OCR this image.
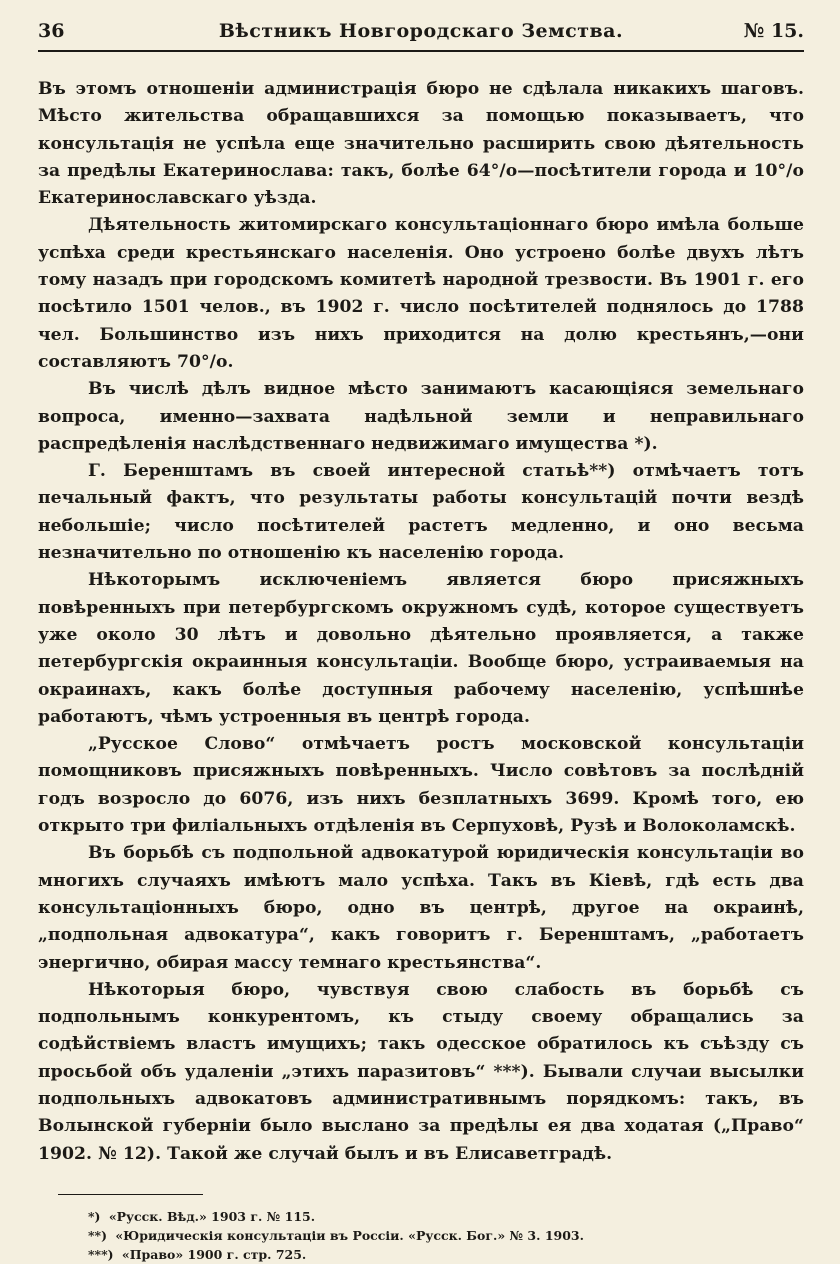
36	Вѣстникъ Новгородскаго Земства.	№ 15.

Въ этомъ отношеніи администрація бюро не сдѣлала никакихъ шаговъ. Мѣсто жительства обращавшихся за помощью показываетъ, что консультація не успѣла еще значительно расширить свою дѣятельность за предѣлы Екатеринослава: такъ, болѣе 64°/о—посѣтители города и 10°/о Екатеринославскаго уѣзда.

Дѣятельность житомирскаго консультаціоннаго бюро имѣла больше успѣха среди крестьянскаго населенія. Оно устроено болѣе двухъ лѣтъ тому назадъ при городскомъ комитетѣ народной трезвости. Въ 1901 г. его посѣтило 1501 челов., въ 1902 г. число посѣтителей поднялось до 1788 чел. Большинство изъ нихъ приходится на долю крестьянъ,—они составляютъ 70°/о.

Въ числѣ дѣлъ видное мѣсто занимаютъ касающіяся земельнаго вопроса, именно—захвата надѣльной земли и неправильнаго распредѣленія наслѣдственнаго недвижимаго имущества *).

Г. Беренштамъ въ своей интересной статьѣ**) отмѣчаетъ тотъ печальный фактъ, что результаты работы консультацій почти вездѣ небольшіе; число посѣтителей растетъ медленно, и оно весьма незначительно по отношенію къ населенію города.

Нѣкоторымъ исключеніемъ является бюро присяжныхъ повѣренныхъ при петербургскомъ окружномъ судѣ, которое существуетъ уже около 30 лѣтъ и довольно дѣятельно проявляется, а также петербургскія окраинныя консультаціи. Вообще бюро, устраиваемыя на окраинахъ, какъ болѣе доступныя рабочему населенію, успѣшнѣе работаютъ, чѣмъ устроенныя въ центрѣ города.

„Русское Слово“ отмѣчаетъ ростъ московской консультаціи помощниковъ присяжныхъ повѣренныхъ. Число совѣтовъ за послѣдній годъ возросло до 6076, изъ нихъ безплатныхъ 3699. Кромѣ того, ею открыто три филіальныхъ отдѣленія въ Серпуховѣ, Рузѣ и Волоколамскѣ.

Въ борьбѣ съ подпольной адвокатурой юридическія консультаціи во многихъ случаяхъ имѣютъ мало успѣха. Такъ въ Кіевѣ, гдѣ есть два консультаціонныхъ бюро, одно въ центрѣ, другое на окраинѣ, „подпольная адвокатура“, какъ говоритъ г. Беренштамъ, „работаетъ энергично, обирая массу темнаго крестьянства“.

Нѣкоторыя бюро, чувствуя свою слабость въ борьбѣ съ подпольнымъ конкурентомъ, къ стыду своему обращались за содѣйствіемъ властъ имущихъ; такъ одесское обратилось къ съѣзду съ просьбой объ удаленіи „этихъ паразитовъ“ ***). Бывали случаи высылки подпольныхъ адвокатовъ административнымъ порядкомъ: такъ, въ Волынской губерніи было выслано за предѣлы ея два ходатая („Право“ 1902. № 12). Такой же случай былъ и въ Елисаветградѣ.

*) «Русск. Вѣд.» 1903 г. № 115.
**) «Юридическія консультаціи въ Россіи. «Русск. Бог.» № 3. 1903.
***) «Право» 1900 г. стр. 725.
